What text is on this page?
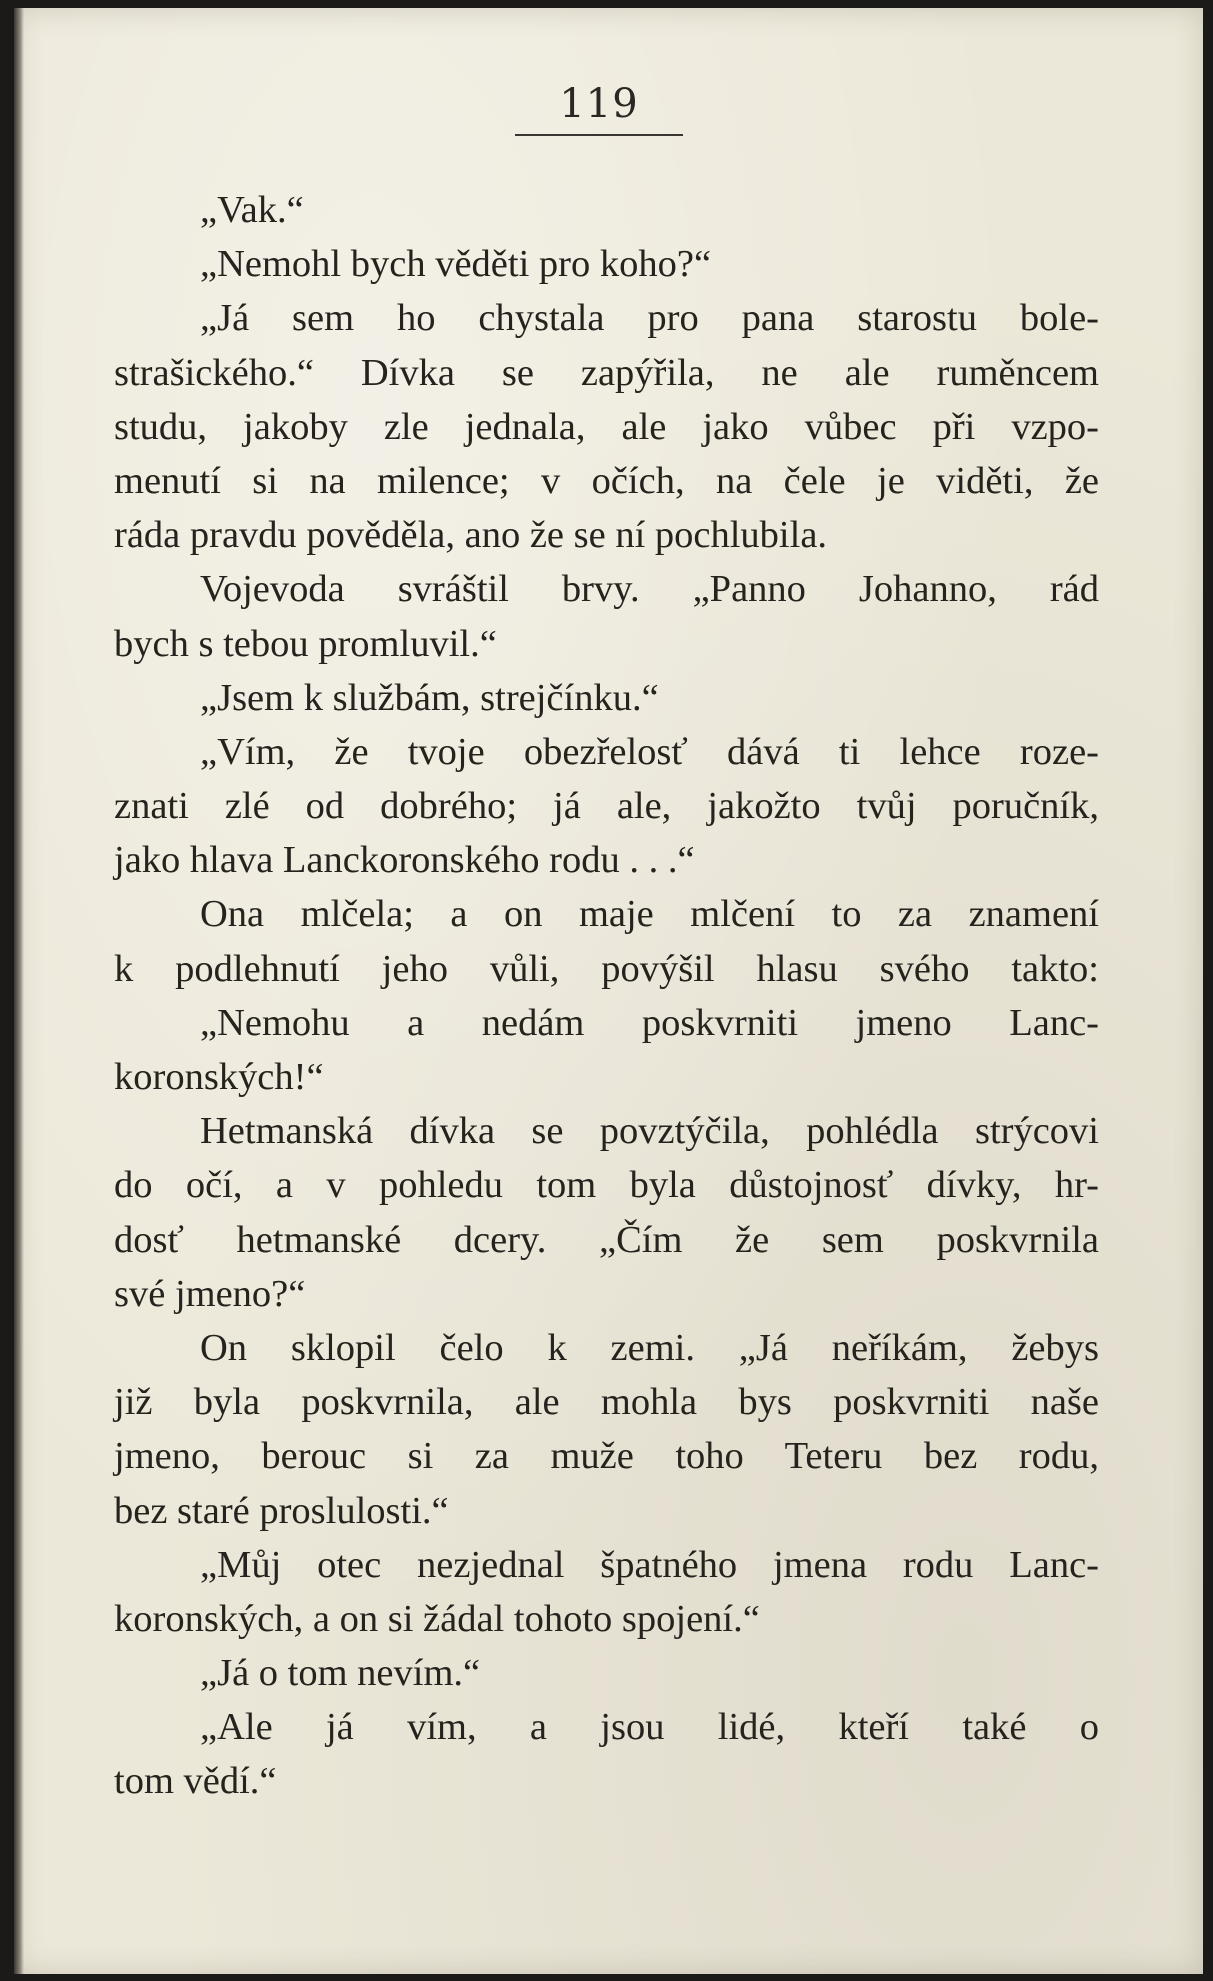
119
„Vak.“
„Nemohl bych věděti pro koho?“
„Já sem ho chystala pro pana starostu bole-
strašického.“ Dívka se zapýřila, ne ale ruměncem
studu, jakoby zle jednala, ale jako vůbec při vzpo-
menutí si na milence; v očích, na čele je viděti, že
ráda pravdu pověděla, ano že se ní pochlubila.
Vojevoda svráštil brvy. „Panno Johanno, rád
bych s tebou promluvil.“
„Jsem k službám, strejčínku.“
„Vím, že tvoje obezřelosť dává ti lehce roze-
znati zlé od dobrého; já ale, jakožto tvůj poručník,
jako hlava Lanckoronského rodu . . .“
Ona mlčela; a on maje mlčení to za znamení
k podlehnutí jeho vůli, povýšil hlasu svého takto:
„Nemohu a nedám poskvrniti jmeno Lanc-
koronských!“
Hetmanská dívka se povztýčila, pohlédla strýcovi
do očí, a v pohledu tom byla důstojnosť dívky, hr-
dosť hetmanské dcery. „Čím že sem poskvrnila
své jmeno?“
On sklopil čelo k zemi. „Já neříkám, žebys
již byla poskvrnila, ale mohla bys poskvrniti naše
jmeno, berouc si za muže toho Teteru bez rodu,
bez staré proslulosti.“
„Můj otec nezjednal špatného jmena rodu Lanc-
koronských, a on si žádal tohoto spojení.“
„Já o tom nevím.“
„Ale já vím, a jsou lidé, kteří také o
tom vědí.“
